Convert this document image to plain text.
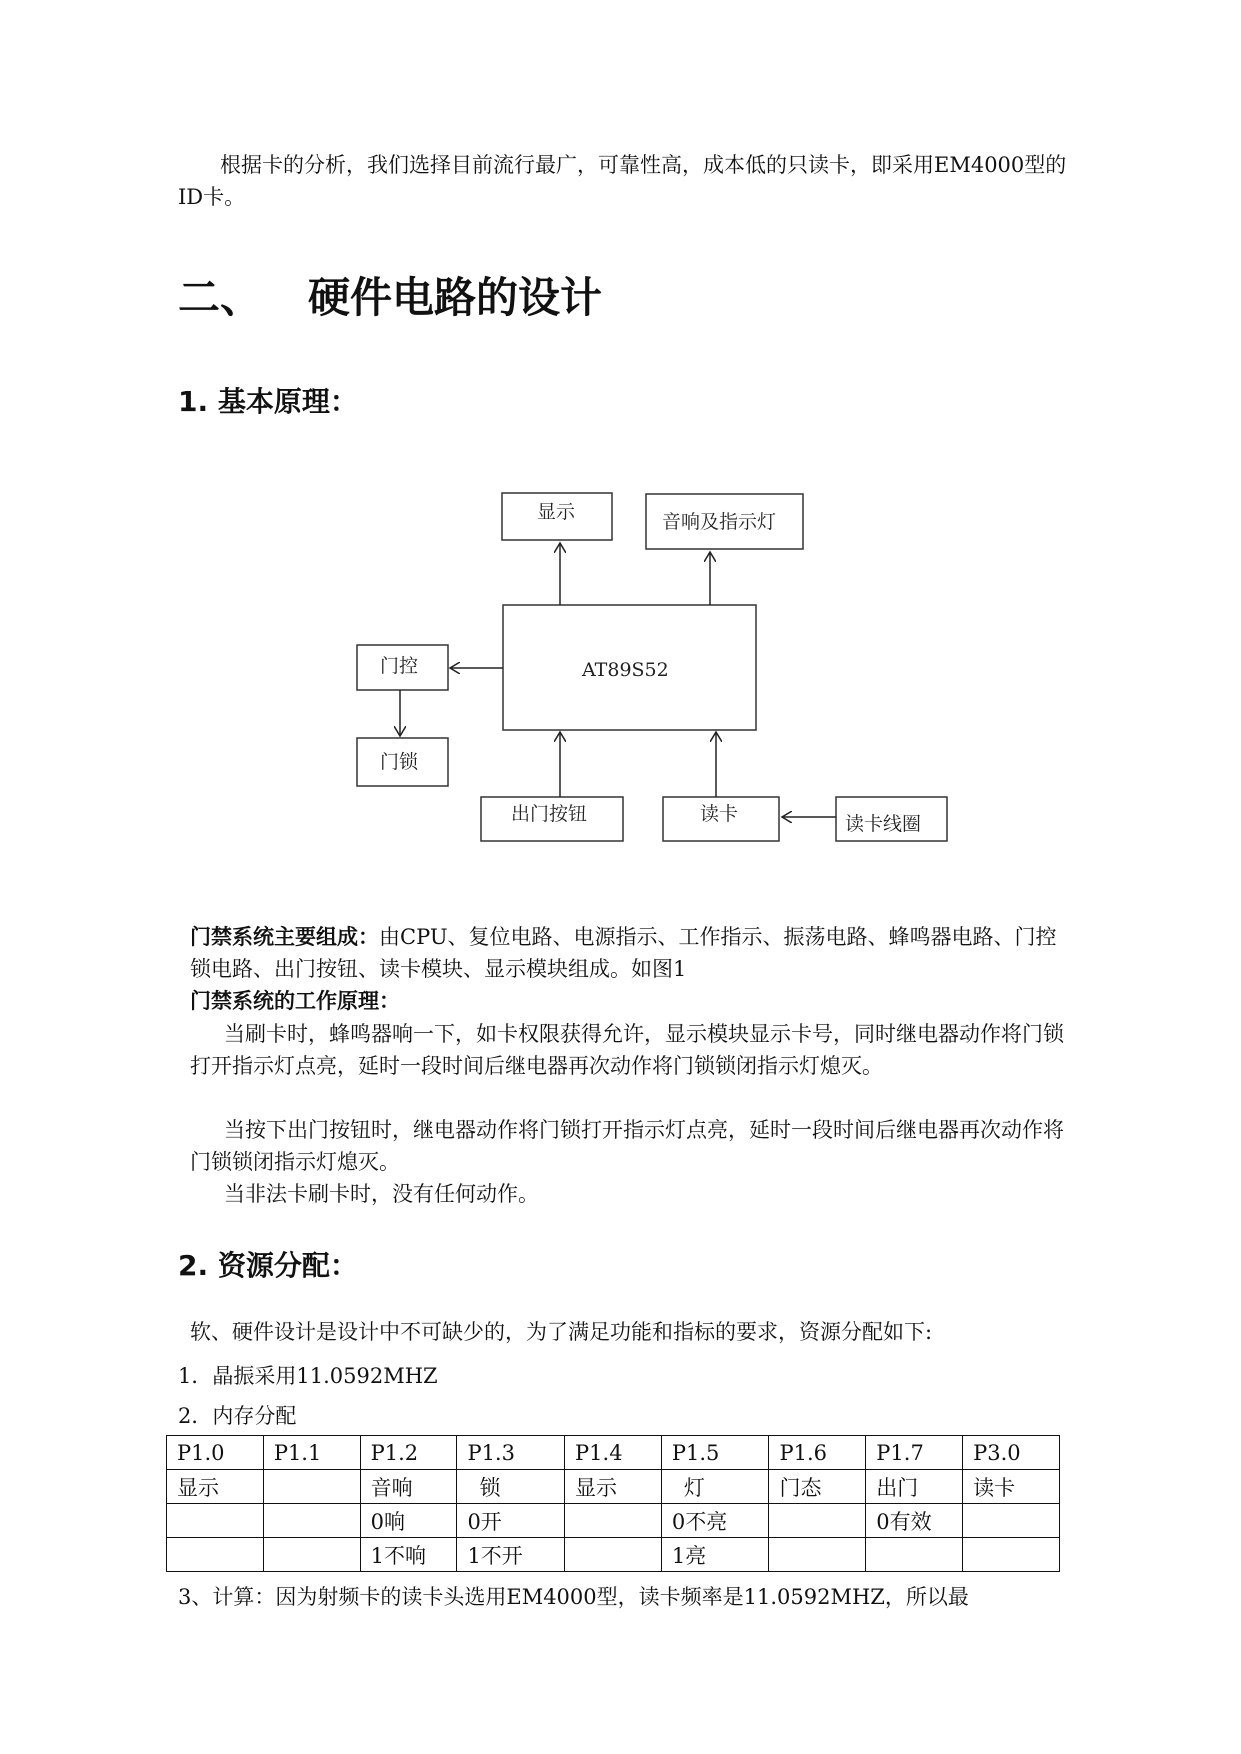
根据卡的分析，我们选择目前流行最广，可靠性高，成本低的只读卡，即采用EM4000型的ID卡。

二、 硬件电路的设计
1. 基本原理：
显示	音响及指示灯
AT89S52
门控
门锁
出门按钮	读卡	读卡线圈

门禁系统主要组成：由CPU、复位电路、电源指示、工作指示、振荡电路、蜂鸣器电路、门控锁电路、出门按钮、读卡模块、显示模块组成。如图1

门禁系统的工作原理：

当刷卡时，蜂鸣器响一下，如卡权限获得允许，显示模块显示卡号，同时继电器动作将门锁打开指示灯点亮，延时一段时间后继电器再次动作将门锁锁闭指示灯熄灭。

当按下出门按钮时，继电器动作将门锁打开指示灯点亮，延时一段时间后继电器再次动作将门锁锁闭指示灯熄灭。

当非法卡刷卡时，没有任何动作。

2. 资源分配：

软、硬件设计是设计中不可缺少的，为了满足功能和指标的要求，资源分配如下:

1．晶振采用11.0592MHZ

2．内存分配

P1.0	P1.1	P1.2	P1.3	P1.4	P1.5	P1.6	P1.7	P3.0
显示		音响	锁	显示	灯	门态	出门	读卡
		0响	0开		0不亮		0有效	
		1不响	1不开		1亮			

3、计算：因为射频卡的读卡头选用EM4000型，读卡频率是11.0592MHZ，所以最
